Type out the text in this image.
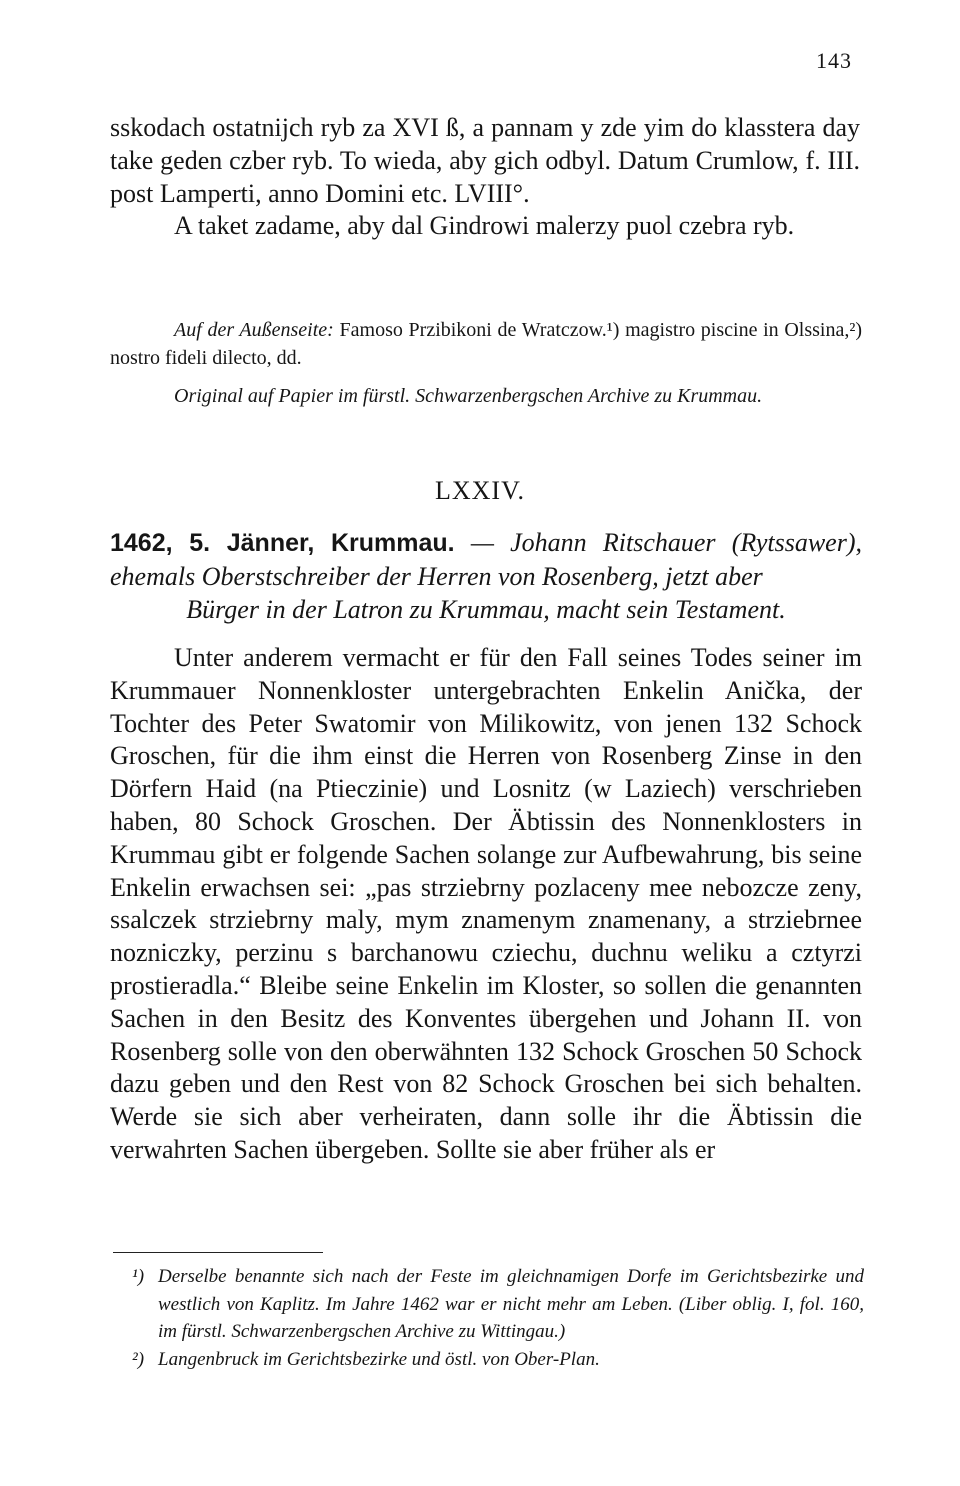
143

sskodach ostatnijch ryb za XVI ß, a pannam y zde yim do klasstera day take geden czber ryb. To wieda, aby gich odbyl. Datum Crumlow, f. III. post Lamperti, anno Domini etc. LVIII°.

A taket zadame, aby dal Gindrowi malerzy puol czebra ryb.

Auf der Außenseite: Famoso Przibikoni de Wratczow.¹) magistro piscine in Olssina,²) nostro fideli dilecto, dd.
Original auf Papier im fürstl. Schwarzenbergschen Archive zu Krummau.
LXXIV.
1462, 5. Jänner, Krummau. — Johann Ritschauer (Rytssawer), ehemals Oberstschreiber der Herren von Rosenberg, jetzt aber
Bürger in der Latron zu Krummau, macht sein Testament.

Unter anderem vermacht er für den Fall seines Todes seiner im Krummauer Nonnenkloster untergebrachten Enkelin Anička, der Tochter des Peter Swatomir von Milikowitz, von jenen 132 Schock Groschen, für die ihm einst die Herren von Rosenberg Zinse in den Dörfern Haid (na Ptieczinie) und Losnitz (w Laziech) verschrieben haben, 80 Schock Groschen. Der Äbtissin des Nonnenklosters in Krummau gibt er folgende Sachen solange zur Aufbewahrung, bis seine Enkelin erwachsen sei: „pas strziebrny pozlaceny mee nebozcze zeny, ssalczek strziebrny maly, mym znamenym znamenany, a strziebrnee nozniczky, perzinu s barchanowu cziechu, duchnu weliku a cztyrzi prostieradla.“ Bleibe seine Enkelin im Kloster, so sollen die genannten Sachen in den Besitz des Konventes übergehen und Johann II. von Rosenberg solle von den oberwähnten 132 Schock Groschen 50 Schock dazu geben und den Rest von 82 Schock Groschen bei sich behalten. Werde sie sich aber verheiraten, dann solle ihr die Äbtissin die verwahrten Sachen übergeben. Sollte sie aber früher als er

¹) Derselbe benannte sich nach der Feste im gleichnamigen Dorfe im Gerichtsbezirke und westlich von Kaplitz. Im Jahre 1462 war er nicht mehr am Leben. (Liber oblig. I, fol. 160, im fürstl. Schwarzenbergschen Archive zu Wittingau.)
²) Langenbruck im Gerichtsbezirke und östl. von Ober-Plan.
